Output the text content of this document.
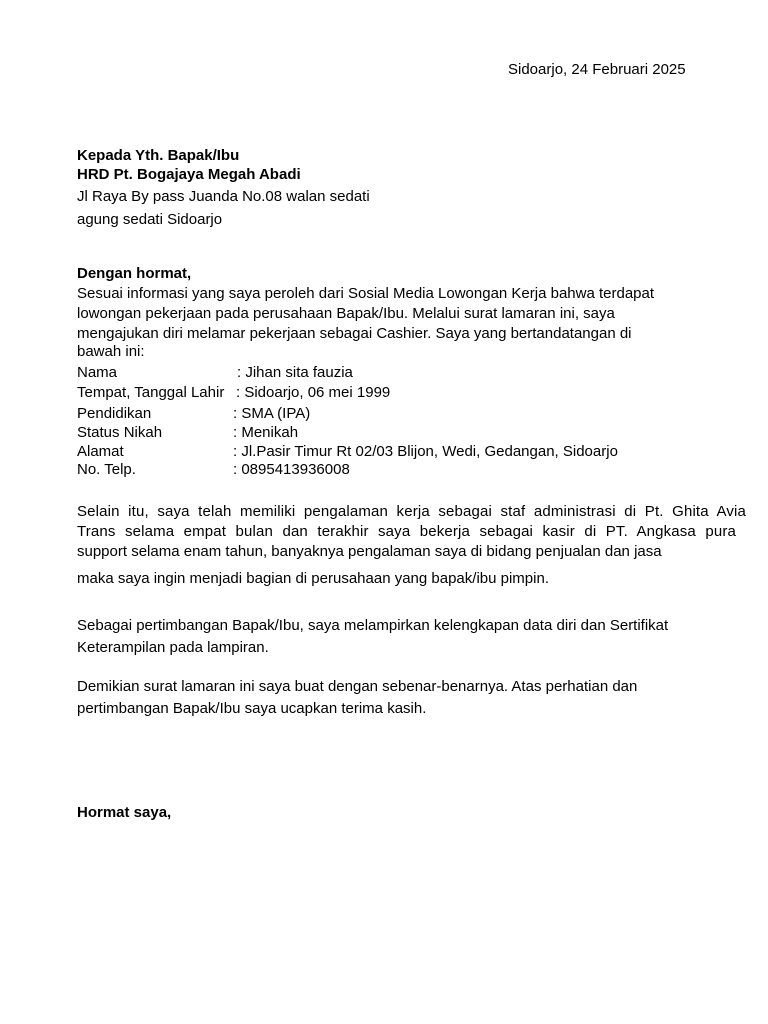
Sidoarjo, 24 Februari 2025

Kepada Yth. Bapak/Ibu

HRD Pt. Bogajaya Megah Abadi

Jl Raya By pass Juanda No.08 walan sedati

agung sedati Sidoarjo

Dengan hormat,

Sesuai informasi yang saya peroleh dari Sosial Media Lowongan Kerja bahwa terdapat

lowongan pekerjaan pada perusahaan Bapak/Ibu. Melalui surat lamaran ini, saya

mengajukan diri melamar pekerjaan sebagai Cashier. Saya yang bertandatangan di

bawah ini:

Nama	: Jihan sita fauzia
Tempat, Tanggal Lahir : Sidoarjo, 06 mei 1999
Pendidikan	: SMA (IPA)
Status Nikah	: Menikah
Alamat	: Jl.Pasir Timur Rt 02/03 Blijon, Wedi, Gedangan, Sidoarjo
No. Telp.	: 0895413936008
Selain itu, saya telah memiliki pengalaman kerja sebagai staf administrasi di Pt. Ghita Avia
Trans selama empat bulan dan terakhir saya bekerja sebagai kasir di PT. Angkasa pura
support selama enam tahun, banyaknya pengalaman saya di bidang penjualan dan jasa
maka saya ingin menjadi bagian di perusahaan yang bapak/ibu pimpin.

Sebagai pertimbangan Bapak/Ibu, saya melampirkan kelengkapan data diri dan Sertifikat

Keterampilan pada lampiran.

Demikian surat lamaran ini saya buat dengan sebenar-benarnya. Atas perhatian dan

pertimbangan Bapak/Ibu saya ucapkan terima kasih.

Hormat saya,
